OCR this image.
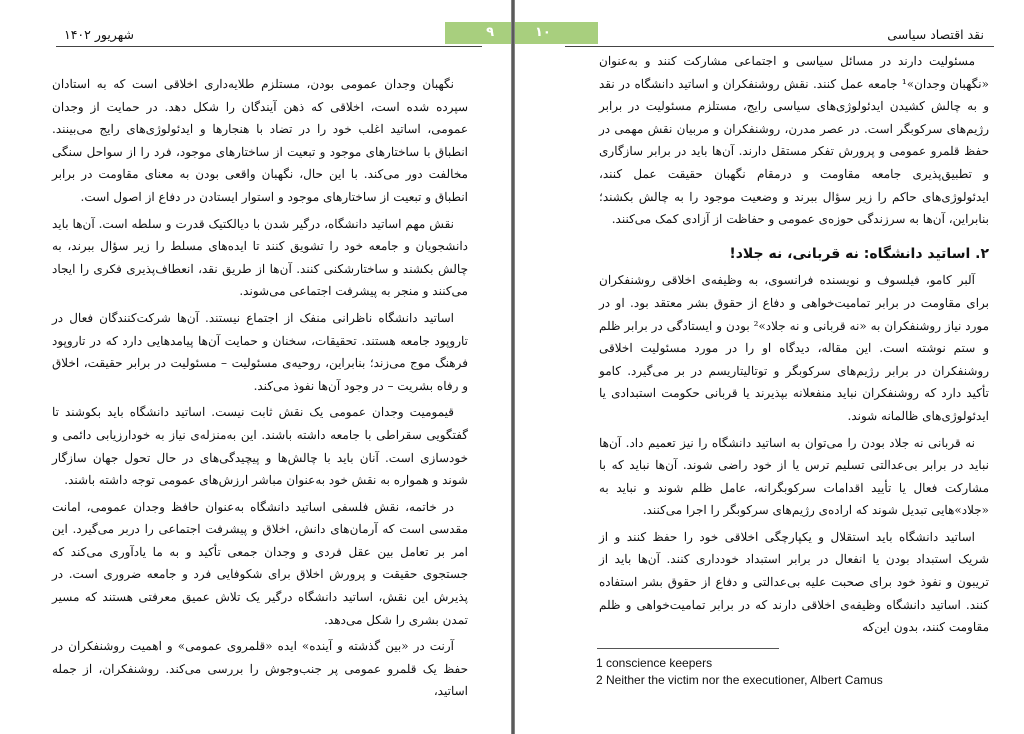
شهریور ۱۴۰۲	۹

نگهبان وجدان عمومی بودن، مستلزم طلایه‌داری اخلاقی است که به استادان سپرده شده است، اخلاقی که ذهن آیندگان را شکل دهد. در حمایت از وجدان عمومی، اساتید اغلب خود را در تضاد با هنجارها و ایدئولوژی‌های رایج می‌بینند. انطباق با ساختارهای موجود و تبعیت از ساختارهای موجود، فرد را از سواحل سنگی مخالفت دور می‌کند. با این حال، نگهبان واقعی بودن به معنای مقاومت در برابر انطباق و تبعیت از ساختارهای موجود و استوار ایستادن در دفاع از اصول است.

نقش مهم اساتید دانشگاه، درگیر شدن با دیالکتیک قدرت و سلطه است. آن‌ها باید دانشجویان و جامعه خود را تشویق کنند تا ایده‌های مسلط را زیر سؤال ببرند، به چالش بکشند و ساختارشکنی کنند. آن‌ها از طریق نقد، انعطاف‌پذیری فکری را ایجاد می‌کنند و منجر به پیشرفت اجتماعی می‌شوند.

اساتید دانشگاه ناظرانی منفک از اجتماع نیستند. آن‌ها شرکت‌کنندگان فعال در تاروپود جامعه هستند. تحقیقات، سخنان و حمایت آن‌ها پیامدهایی دارد که در تاروپود فرهنگ موج می‌زند؛ بنابراین، روحیه‌ی مسئولیت – مسئولیت در برابر حقیقت، اخلاق و رفاه بشریت – در وجود آن‌ها نفوذ می‌کند.

قیمومیت وجدان عمومی یک نقش ثابت نیست. اساتید دانشگاه باید بکوشند تا گفتگویی سقراطی با جامعه داشته باشند. این به‌منزله‌ی نیاز به خودارزیابی دائمی و خودسازی است. آنان باید با چالش‌ها و پیچیدگی‌های در حال تحول جهان سازگار شوند و همواره به نقش خود به‌عنوان مباشر ارزش‌های عمومی توجه داشته باشند.

در خاتمه، نقش فلسفی اساتید دانشگاه به‌عنوان حافظ وجدان عمومی، امانت مقدسی است که آرمان‌های دانش، اخلاق و پیشرفت اجتماعی را دربر می‌گیرد. این امر بر تعامل بین عقل فردی و وجدان جمعی تأکید و به ما یادآوری می‌کند که جستجوی حقیقت و پرورش اخلاق برای شکوفایی فرد و جامعه ضروری است. در پذیرش این نقش، اساتید دانشگاه درگیر یک تلاش عمیق معرفتی هستند که مسیر تمدن بشری را شکل می‌دهد.

آرنت در «بین گذشته و آینده» ایده «قلمروی عمومی» و اهمیت روشنفکران در حفظ یک قلمرو عمومی پر جنب‌وجوش را بررسی می‌کند. روشنفکران، از جمله اساتید،

نقد اقتصاد سیاسی
۱۰

مسئولیت دارند در مسائل سیاسی و اجتماعی مشارکت کنند و به‌عنوان «نگهبان وجدان»¹ جامعه عمل کنند. نقش روشنفکران و اساتید دانشگاه در نقد و به چالش کشیدن ایدئولوژی‌های سیاسی رایج، مستلزم مسئولیت در برابر رژیم‌های سرکوبگر است. در عصر مدرن، روشنفکران و مربیان نقش مهمی در حفظ قلمرو عمومی و پرورش تفکر مستقل دارند. آن‌ها باید در برابر سازگاری و تطبیق‌پذیری جامعه مقاومت و درمقام نگهبان حقیقت عمل کنند، ایدئولوژی‌های حاکم را زیر سؤال ببرند و وضعیت موجود را به چالش بکشند؛ بنابراین، آن‌ها به سرزندگی حوزه‌ی عمومی و حفاظت از آزادی کمک می‌کنند.

۲. اساتید دانشگاه: نه قربانی، نه جلاد!

آلبر کامو، فیلسوف و نویسنده فرانسوی، به وظیفه‌ی اخلاقی روشنفکران برای مقاومت در برابر تمامیت‌خواهی و دفاع از حقوق بشر معتقد بود. او در مورد نیاز روشنفکران به «نه قربانی و نه جلاد»² بودن و ایستادگی در برابر ظلم و ستم نوشته است. این مقاله، دیدگاه او را در مورد مسئولیت اخلاقی روشنفکران در برابر رژیم‌های سرکوبگر و توتالیتاریسم در بر می‌گیرد. کامو تأکید دارد که روشنفکران نباید منفعلانه بپذیرند یا قربانی حکومت استبدادی یا ایدئولوژی‌های ظالمانه شوند.

نه قربانی نه جلاد بودن را می‌توان به اساتید دانشگاه را نیز تعمیم داد. آن‌ها نباید در برابر بی‌عدالتی تسلیم ترس یا از خود راضی شوند. آن‌ها نباید که با مشارکت فعال یا تأیید اقدامات سرکوبگرانه، عامل ظلم شوند و نباید به «جلاد»هایی تبدیل شوند که اراده‌ی رژیم‌های سرکوبگر را اجرا می‌کنند.

اساتید دانشگاه باید استقلال و یکپارچگی اخلاقی خود را حفظ کنند و از شریک استبداد بودن یا انفعال در برابر استبداد خودداری کنند. آن‌ها باید از تریبون و نفوذ خود برای صحبت علیه بی‌عدالتی و دفاع از حقوق بشر استفاده کنند. اساتید دانشگاه وظیفه‌ی اخلاقی دارند که در برابر تمامیت‌خواهی و ظلم مقاومت کنند، بدون این‌که

1 conscience keepers
2 Neither the victim nor the executioner, Albert Camus
